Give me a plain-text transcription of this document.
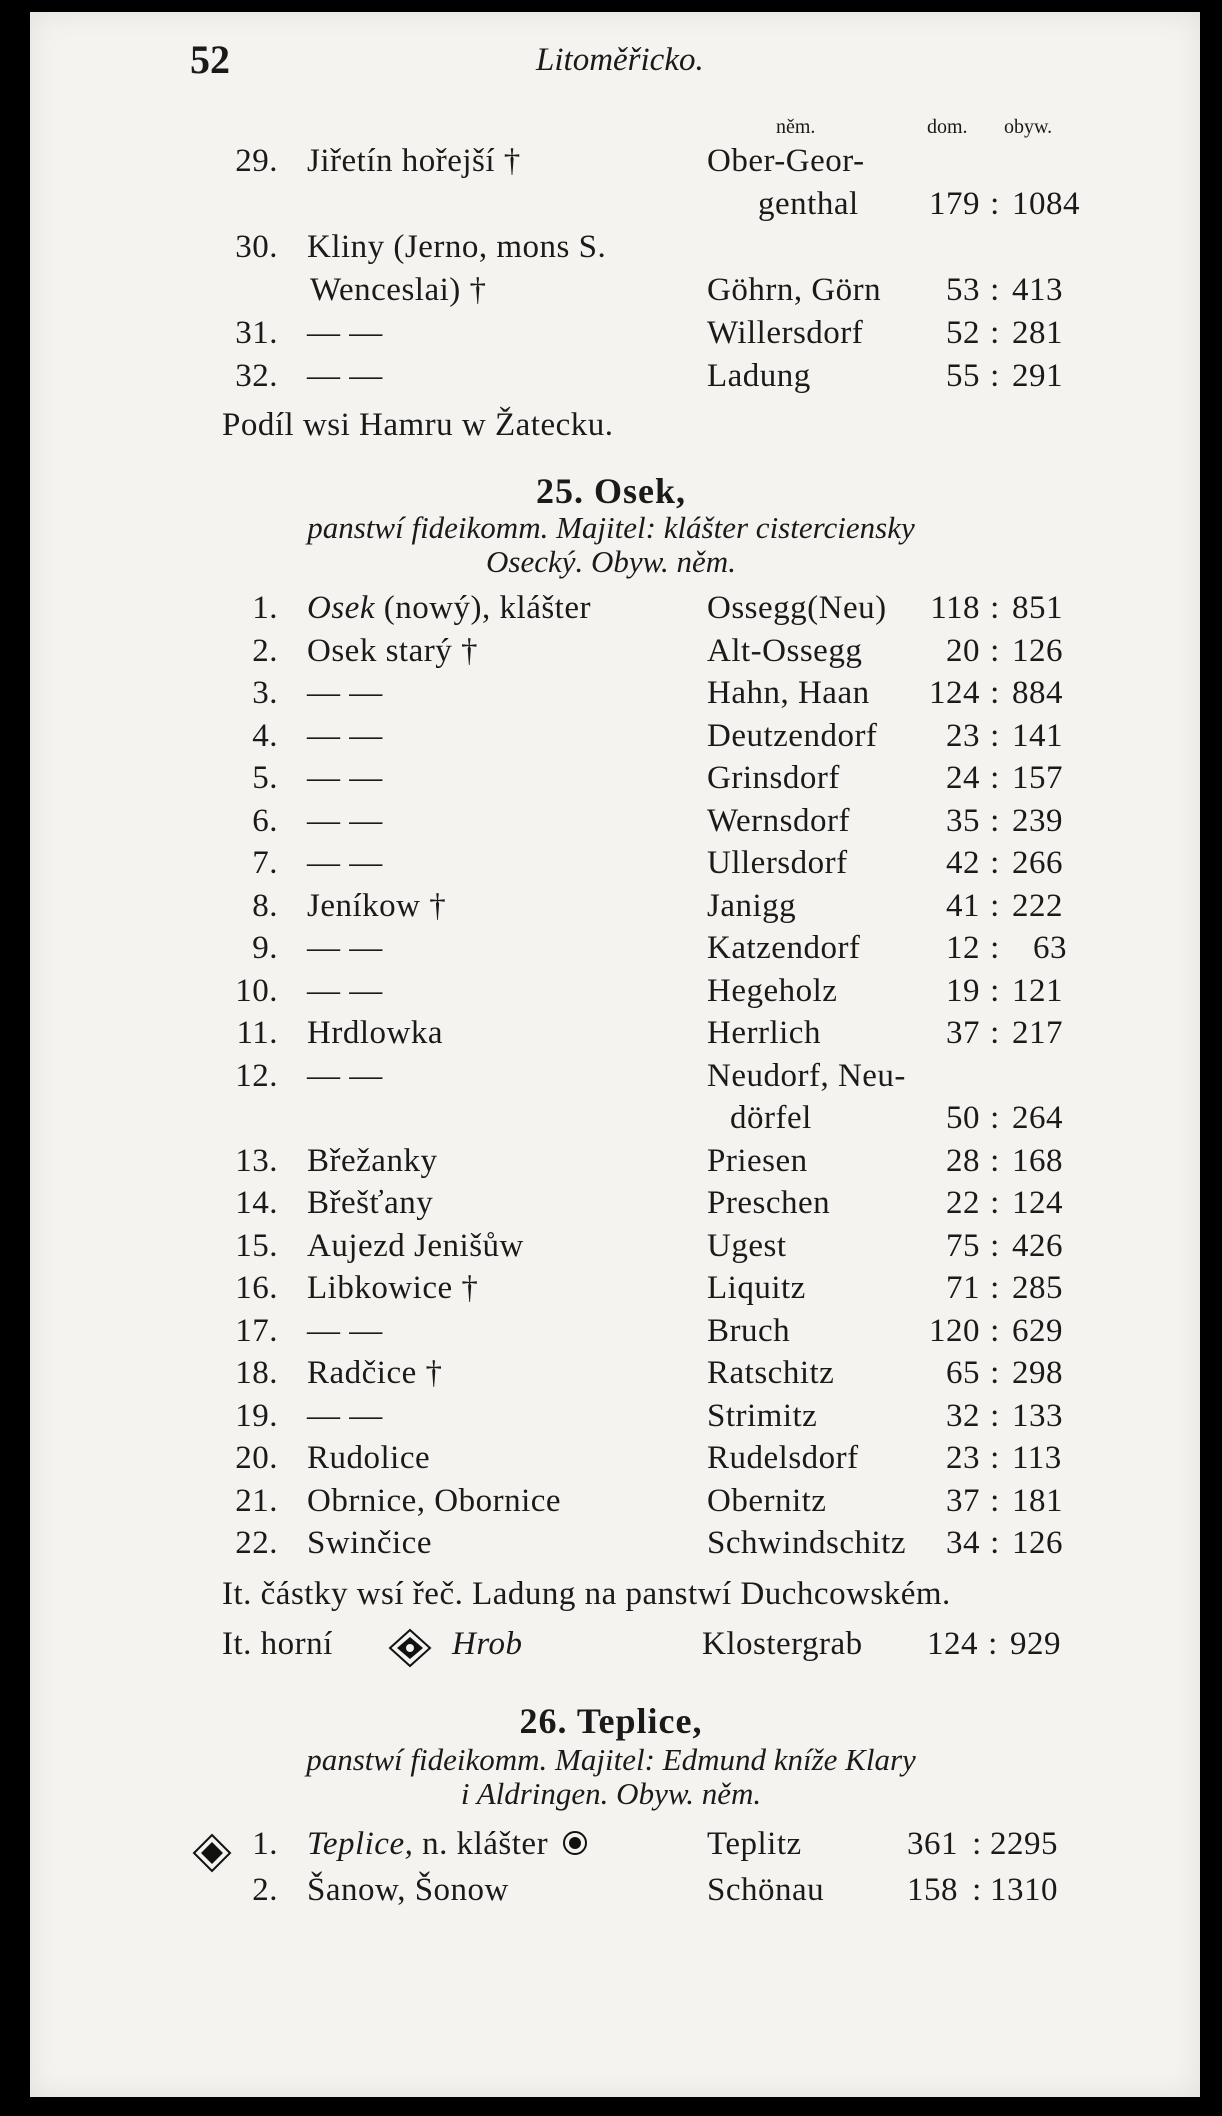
52	Litoměřicko.
něm.	dom. obyw.
29. Jiřetín hořejší †	Ober-Geor-
genthal	179 : 1084
30. Kliny (Jerno, mons S.
Wenceslai) †	Göhrn, Görn	53 : 413
31. — —	Willersdorf	52 : 281
32. — —	Ladung	55 : 291
Podíl wsi Hamru w Žatecku.
25. Osek,
panstwí fideikomm. Majitel: klášter cisterciensky
Osecký. Obyw. něm.
1. Osek (nowý), klášter	Ossegg(Neu)	118 : 851
2. Osek starý †	Alt-Ossegg	20 : 126
3. — —	Hahn, Haan	124 : 884
4. — —	Deutzendorf	23 : 141
5. — —	Grinsdorf	24 : 157
6. — —	Wernsdorf	35 : 239
7. — —	Ullersdorf	42 : 266
8. Jeníkow †	Janigg	41 : 222
9. — —	Katzendorf	12 :	63
10. — —	Hegeholz	19 : 121
11. Hrdlowka	Herrlich	37 : 217
12. — —	Neudorf, Neu-
dörfel	50 : 264
13. Břežanky	Priesen	28 : 168
14. Břešťany	Preschen	22 : 124
15. Aujezd Jenišůw	Ugest	75 : 426
16. Libkowice †	Liquitz	71 : 285
17. — —	Bruch	120 : 629
18. Radčice †	Ratschitz	65 : 298
19. — —	Strimitz	32 : 133
20. Rudolice	Rudelsdorf	23 : 113
21. Obrnice, Obornice	Obernitz	37 : 181
22. Swinčice	Schwindschitz	34 : 126
It. částky wsí řeč. Ladung na panstwí Duchcowském.
It. horní	Hrob	Klostergrab	124 : 929
26. Teplice,
panstwí fideikomm. Majitel: Edmund kníže Klary
i Aldringen. Obyw. něm.
1. Teplice, n. klášter	Teplitz	361 : 2295
2. Šanow, Šonow	Schönau	158 : 1310
